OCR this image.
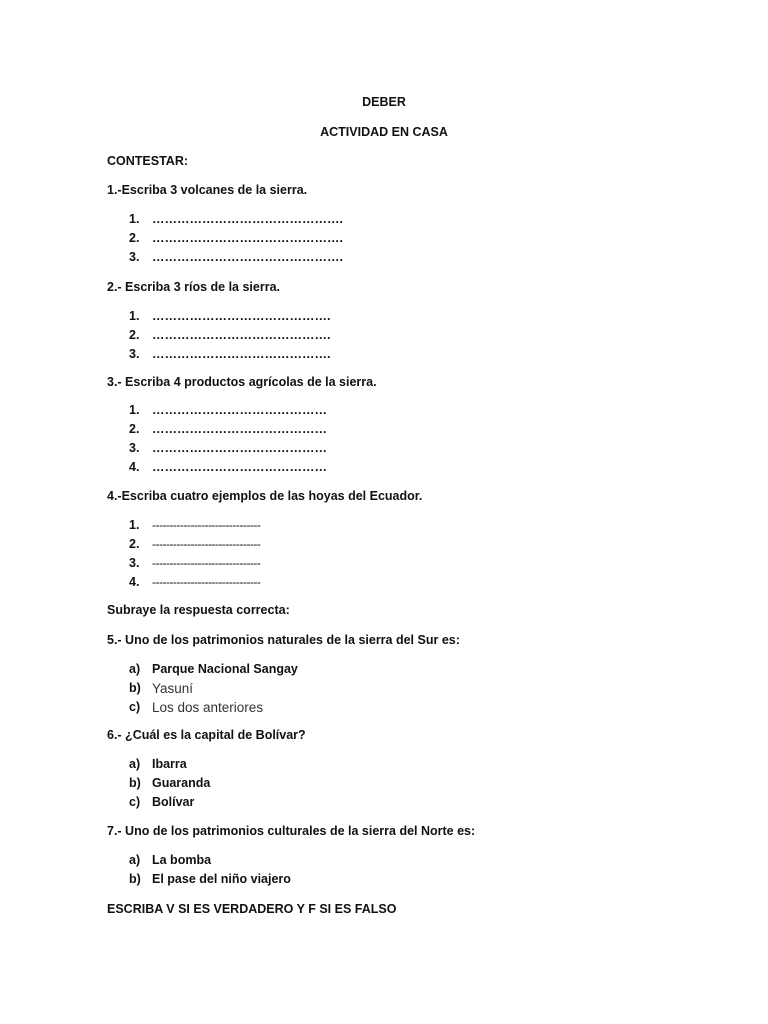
DEBER
ACTIVIDAD EN CASA
CONTESTAR:
1.-Escriba 3 volcanes de la sierra.
1.	……………………………………….
2.	……………………………………….
3.	……………………………………….
2.- Escriba 3 ríos de la sierra.
1.	…………………………………….
2.	…………………………………….
3.	…………………………………….
3.- Escriba 4 productos agrícolas de la sierra.
1.	……………………………………
2.	……………………………………
3.	……………………………………
4.	……………………………………
4.-Escriba cuatro ejemplos de las hoyas del Ecuador.
1.	-------------------------------
2.	-------------------------------
3.	-------------------------------
4.	-------------------------------
Subraye la respuesta correcta:
5.- Uno de los patrimonios naturales de la sierra del Sur es:
a) Parque Nacional Sangay
b) Yasuní
c) Los dos anteriores
6.- ¿Cuál es la capital de Bolívar?
a) Ibarra
b) Guaranda
c) Bolívar
7.- Uno de los patrimonios culturales de la sierra del Norte es:
a) La bomba
b) El pase del niño viajero
ESCRIBA V SI ES VERDADERO Y F SI ES FALSO
